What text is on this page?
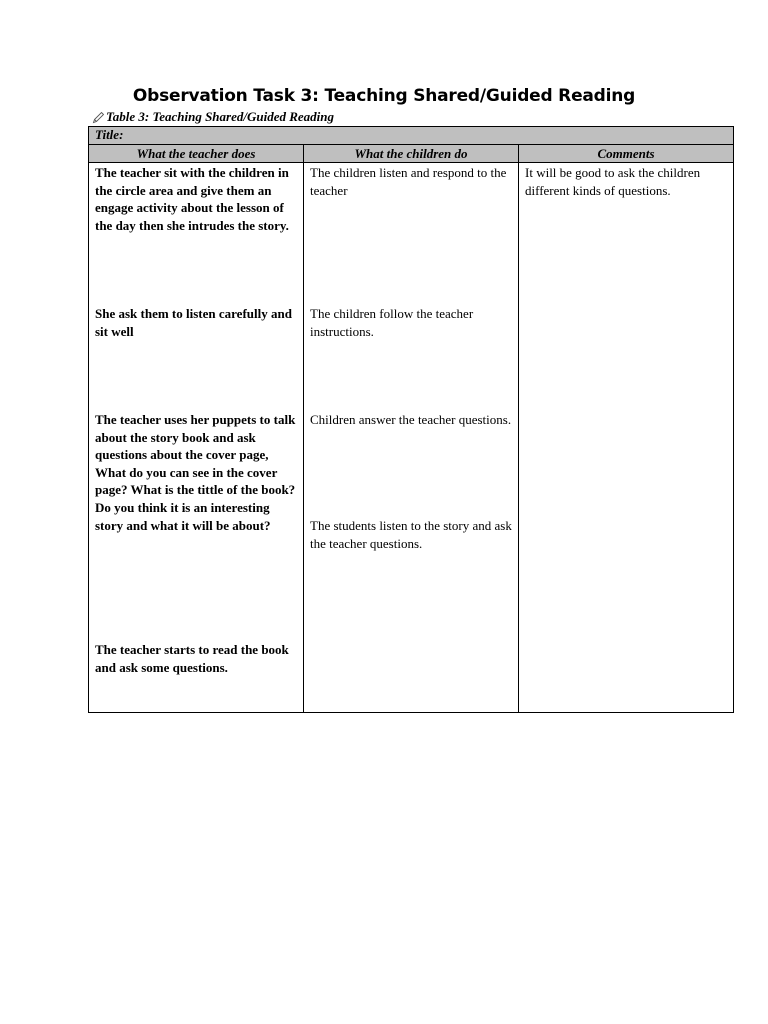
Observation Task 3: Teaching Shared/Guided Reading
Table 3: Teaching Shared/Guided Reading
Title:
What the teacher does	What the children do	Comments

The teacher sit with the children in the circle area and give them an engage activity about the lesson of the day then she intrudes the story.

She ask them to listen carefully and sit well

The teacher uses her puppets to talk about the story book and ask questions about the cover page, What do you can see in the cover page? What is the tittle of the book? Do you think it is an interesting story and what it will be about?

The teacher starts to read the book and ask some questions.

The children listen and respond to the teacher

The children follow the teacher instructions.

Children answer the teacher questions.

The students listen to the story and ask the teacher questions.

It will be good to ask the children different kinds of questions.
